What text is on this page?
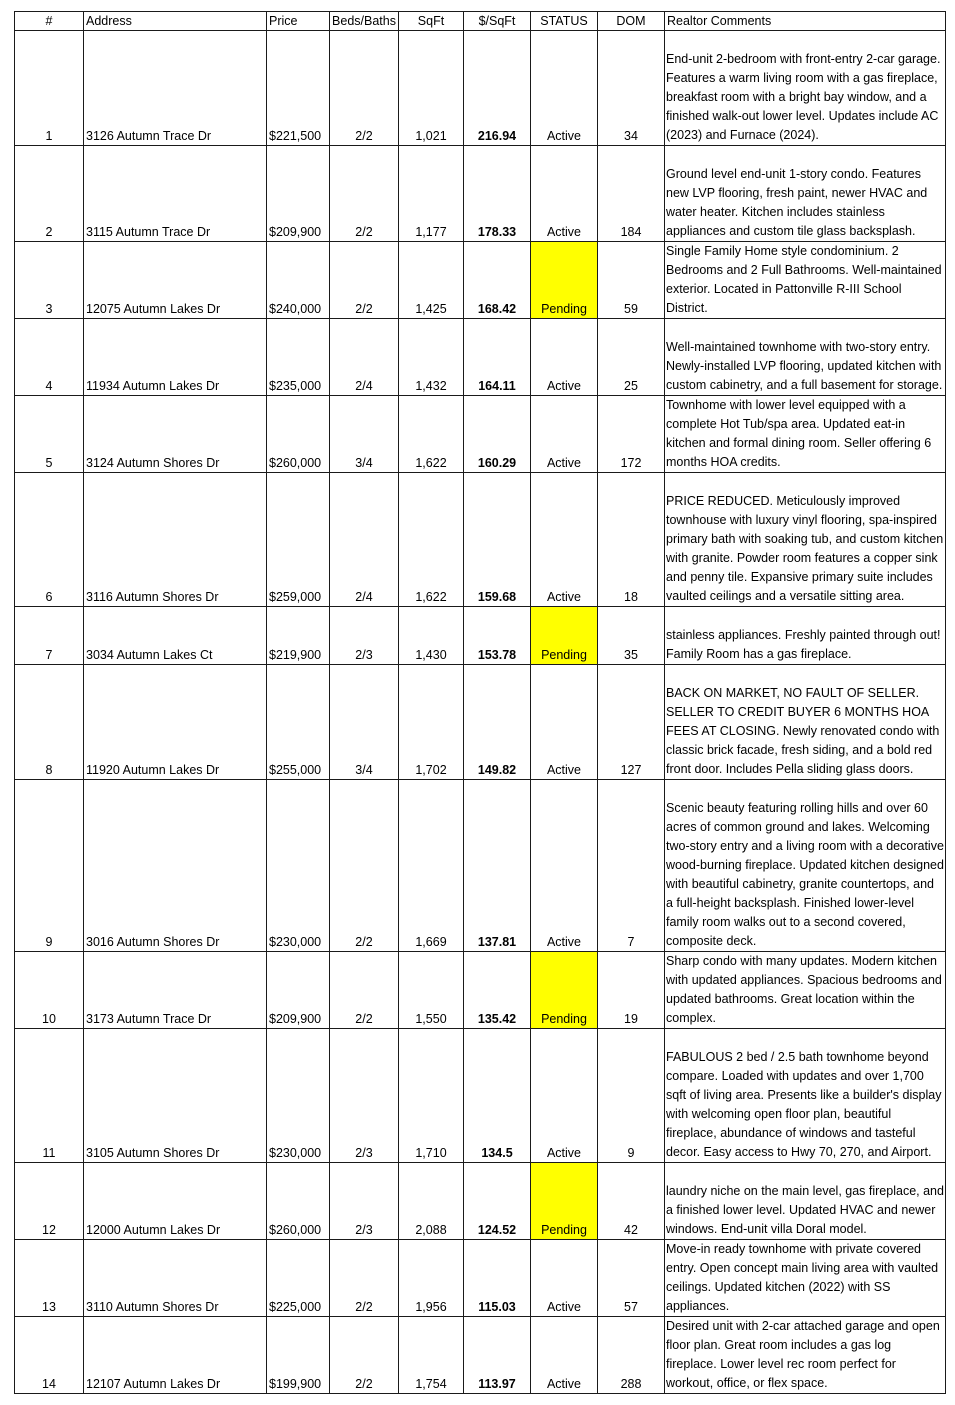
#	Address	Price	Beds/Baths	SqFt	$/SqFt	STATUS	DOM	Realtor Comments
1	3126 Autumn Trace Dr	$221,500	2/2	1,021	216.94	Active	34	End-unit 2-bedroom with front-entry 2-car garage. Features a warm living room with a gas fireplace, breakfast room with a bright bay window, and a finished walk-out lower level. Updates include AC (2023) and Furnace (2024).
2	3115 Autumn Trace Dr	$209,900	2/2	1,177	178.33	Active	184	Ground level end-unit 1-story condo. Features new LVP flooring, fresh paint, newer HVAC and water heater. Kitchen includes stainless appliances and custom tile glass backsplash.
3	12075 Autumn Lakes Dr	$240,000	2/2	1,425	168.42	Pending	59	Single Family Home style condominium. 2 Bedrooms and 2 Full Bathrooms. Well-maintained exterior. Located in Pattonville R-III School District.
4	11934 Autumn Lakes Dr	$235,000	2/4	1,432	164.11	Active	25	Well-maintained townhome with two-story entry. Newly-installed LVP flooring, updated kitchen with custom cabinetry, and a full basement for storage.
5	3124 Autumn Shores Dr	$260,000	3/4	1,622	160.29	Active	172	Townhome with lower level equipped with a complete Hot Tub/spa area. Updated eat-in kitchen and formal dining room. Seller offering 6 months HOA credits.
6	3116 Autumn Shores Dr	$259,000	2/4	1,622	159.68	Active	18	PRICE REDUCED. Meticulously improved townhouse with luxury vinyl flooring, spa-inspired primary bath with soaking tub, and custom kitchen with granite. Powder room features a copper sink and penny tile. Expansive primary suite includes vaulted ceilings and a versatile sitting area.
7	3034 Autumn Lakes Ct	$219,900	2/3	1,430	153.78	Pending	35	stainless appliances. Freshly painted through out! Family Room has a gas fireplace.
8	11920 Autumn Lakes Dr	$255,000	3/4	1,702	149.82	Active	127	BACK ON MARKET, NO FAULT OF SELLER. SELLER TO CREDIT BUYER 6 MONTHS HOA FEES AT CLOSING. Newly renovated condo with classic brick facade, fresh siding, and a bold red front door. Includes Pella sliding glass doors.
9	3016 Autumn Shores Dr	$230,000	2/2	1,669	137.81	Active	7	Scenic beauty featuring rolling hills and over 60 acres of common ground and lakes. Welcoming two-story entry and a living room with a decorative wood-burning fireplace. Updated kitchen designed with beautiful cabinetry, granite countertops, and a full-height backsplash. Finished lower-level family room walks out to a second covered, composite deck.
10	3173 Autumn Trace Dr	$209,900	2/2	1,550	135.42	Pending	19	Sharp condo with many updates. Modern kitchen with updated appliances. Spacious bedrooms and updated bathrooms. Great location within the complex.
11	3105 Autumn Shores Dr	$230,000	2/3	1,710	134.5	Active	9	FABULOUS 2 bed / 2.5 bath townhome beyond compare. Loaded with updates and over 1,700 sqft of living area. Presents like a builder's display with welcoming open floor plan, beautiful fireplace, abundance of windows and tasteful decor. Easy access to Hwy 70, 270, and Airport.
12	12000 Autumn Lakes Dr	$260,000	2/3	2,088	124.52	Pending	42	laundry niche on the main level, gas fireplace, and a finished lower level. Updated HVAC and newer windows. End-unit villa Doral model.
13	3110 Autumn Shores Dr	$225,000	2/2	1,956	115.03	Active	57	Move-in ready townhome with private covered entry. Open concept main living area with vaulted ceilings. Updated kitchen (2022) with SS appliances.
14	12107 Autumn Lakes Dr	$199,900	2/2	1,754	113.97	Active	288	Desired unit with 2-car attached garage and open floor plan. Great room includes a gas log fireplace. Lower level rec room perfect for workout, office, or flex space.
